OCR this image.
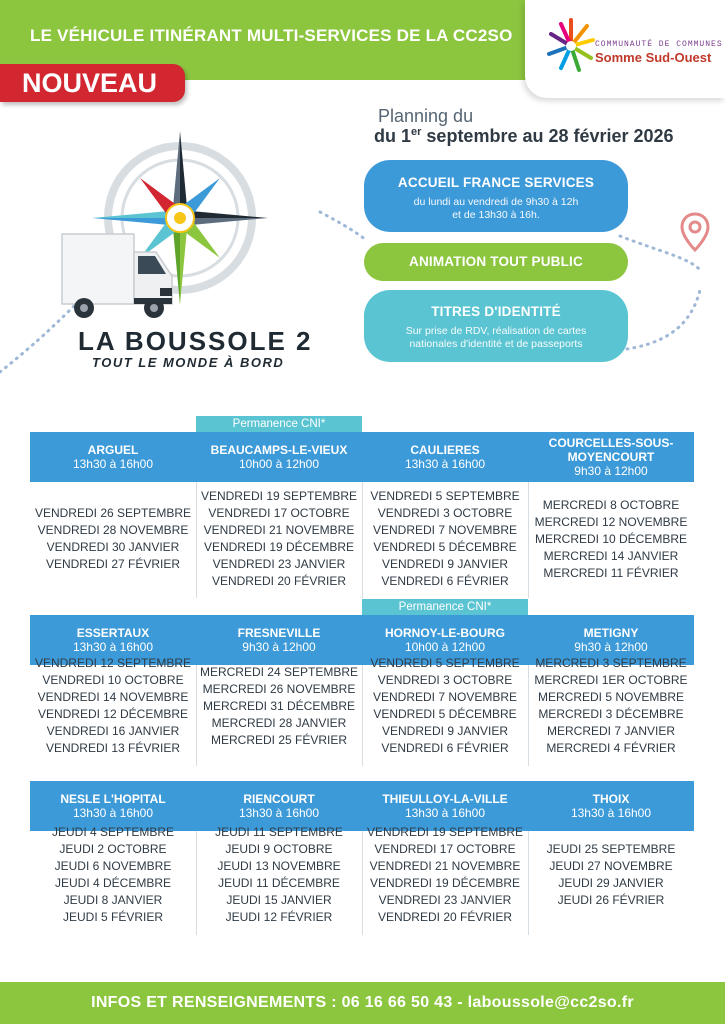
LE VÉHICULE ITINÉRANT MULTI-SERVICES DE LA CC2SO	COMMUNAUTÉ DE COMMUNES
Somme Sud-Ouest
NOUVEAU
LA BOUSSOLE 2
TOUT LE MONDE À BORD
Planning du
du 1er septembre au 28 février 2026
ACCUEIL FRANCE SERVICES
du lundi au vendredi de 9h30 à 12h
et de 13h30 à 16h.
ANIMATION TOUT PUBLIC
TITRES D'IDENTITÉ
Sur prise de RDV, réalisation de cartes
nationales d'identité et de passeports
ARGUEL
13h30 à 16h00
VENDREDI 26 SEPTEMBRE
VENDREDI 28 NOVEMBRE
VENDREDI 30 JANVIER
VENDREDI 27 FÉVRIER
Permanence CNI*
BEAUCAMPS-LE-VIEUX
10h00 à 12h00
VENDREDI 19 SEPTEMBRE
VENDREDI 17 OCTOBRE
VENDREDI 21 NOVEMBRE
VENDREDI 19 DÉCEMBRE
VENDREDI 23 JANVIER
VENDREDI 20 FÉVRIER
CAULIERES
13h30 à 16h00
VENDREDI 5 SEPTEMBRE
VENDREDI 3 OCTOBRE
VENDREDI 7 NOVEMBRE
VENDREDI 5 DÉCEMBRE
VENDREDI 9 JANVIER
VENDREDI 6 FÉVRIER
COURCELLES-SOUS-
MOYENCOURT
9h30 à 12h00
MERCREDI 8 OCTOBRE
MERCREDI 12 NOVEMBRE
MERCREDI 10 DÉCEMBRE
MERCREDI 14 JANVIER
MERCREDI 11 FÉVRIER
ESSERTAUX
13h30 à 16h00
VENDREDI 12 SEPTEMBRE
VENDREDI 10 OCTOBRE
VENDREDI 14 NOVEMBRE
VENDREDI 12 DÉCEMBRE
VENDREDI 16 JANVIER
VENDREDI 13 FÉVRIER
FRESNEVILLE
9h30 à 12h00
MERCREDI 24 SEPTEMBRE
MERCREDI 26 NOVEMBRE
MERCREDI 31 DÉCEMBRE
MERCREDI 28 JANVIER
MERCREDI 25 FÉVRIER
Permanence CNI*
HORNOY-LE-BOURG
10h00 à 12h00
VENDREDI 5 SEPTEMBRE
VENDREDI 3 OCTOBRE
VENDREDI 7 NOVEMBRE
VENDREDI 5 DÉCEMBRE
VENDREDI 9 JANVIER
VENDREDI 6 FÉVRIER
METIGNY
9h30 à 12h00
MERCREDI 3 SEPTEMBRE
MERCREDI 1ER OCTOBRE
MERCREDI 5 NOVEMBRE
MERCREDI 3 DÉCEMBRE
MERCREDI 7 JANVIER
MERCREDI 4 FÉVRIER
NESLE L'HOPITAL
13h30 à 16h00
JEUDI 4 SEPTEMBRE
JEUDI 2 OCTOBRE
JEUDI 6 NOVEMBRE
JEUDI 4 DÉCEMBRE
JEUDI 8 JANVIER
JEUDI 5 FÉVRIER
RIENCOURT
13h30 à 16h00
JEUDI 11 SEPTEMBRE
JEUDI 9 OCTOBRE
JEUDI 13 NOVEMBRE
JEUDI 11 DÉCEMBRE
JEUDI 15 JANVIER
JEUDI 12 FÉVRIER
THIEULLOY-LA-VILLE
13h30 à 16h00
VENDREDI 19 SEPTEMBRE
VENDREDI 17 OCTOBRE
VENDREDI 21 NOVEMBRE
VENDREDI 19 DÉCEMBRE
VENDREDI 23 JANVIER
VENDREDI 20 FÉVRIER
THOIX
13h30 à 16h00
JEUDI 25 SEPTEMBRE
JEUDI 27 NOVEMBRE
JEUDI 29 JANVIER
JEUDI 26 FÉVRIER
INFOS ET RENSEIGNEMENTS : 06 16 66 50 43 - laboussole@cc2so.fr
